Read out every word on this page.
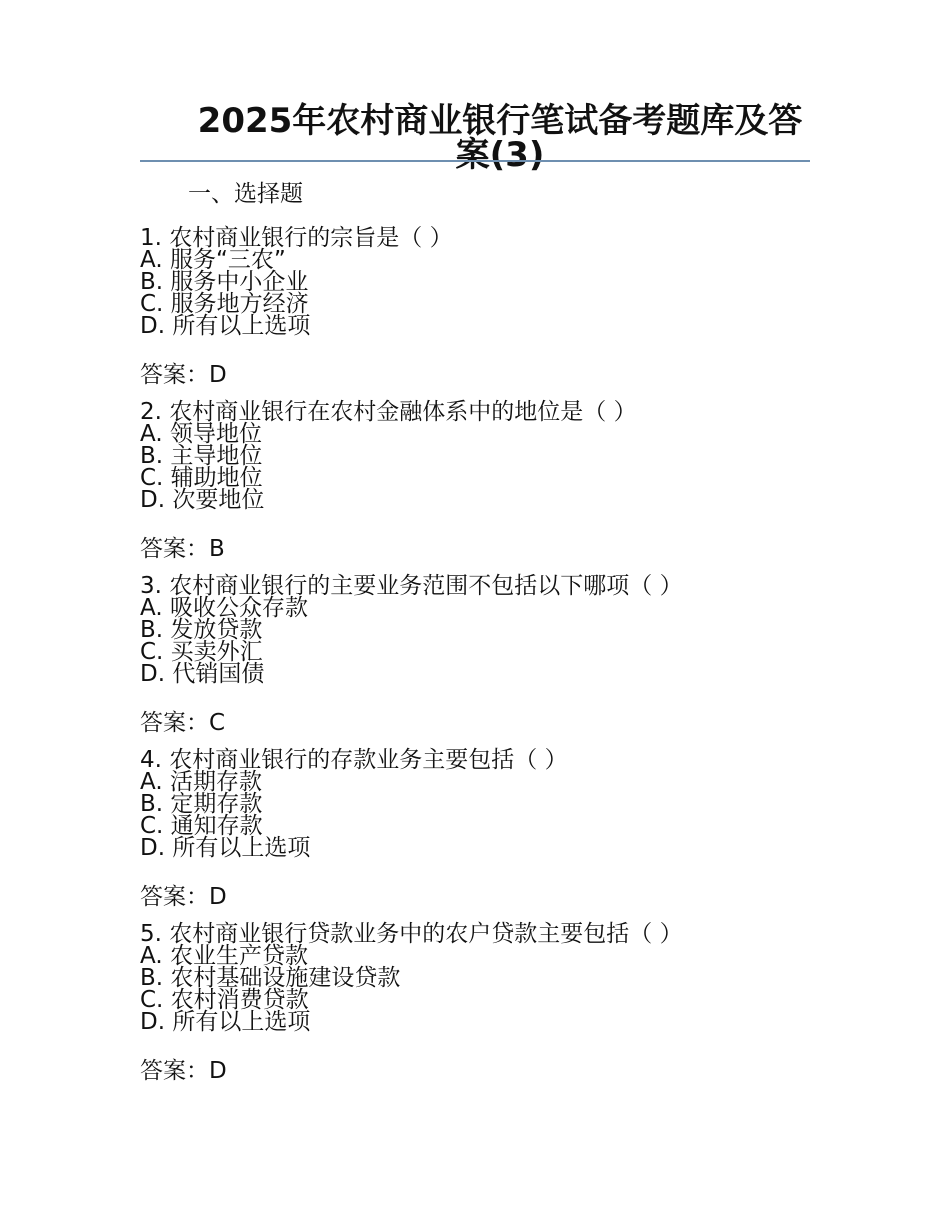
2025年农村商业银行笔试备考题库及答案(3)
一、选择题
1. 农村商业银行的宗旨是（ ）
A. 服务“三农”
B. 服务中小企业
C. 服务地方经济
D. 所有以上选项
答案：D
2. 农村商业银行在农村金融体系中的地位是（ ）
A. 领导地位
B. 主导地位
C. 辅助地位
D. 次要地位
答案：B
3. 农村商业银行的主要业务范围不包括以下哪项（ ）
A. 吸收公众存款
B. 发放贷款
C. 买卖外汇
D. 代销国债
答案：C
4. 农村商业银行的存款业务主要包括（ ）
A. 活期存款
B. 定期存款
C. 通知存款
D. 所有以上选项
答案：D
5. 农村商业银行贷款业务中的农户贷款主要包括（ ）
A. 农业生产贷款
B. 农村基础设施建设贷款
C. 农村消费贷款
D. 所有以上选项
答案：D
